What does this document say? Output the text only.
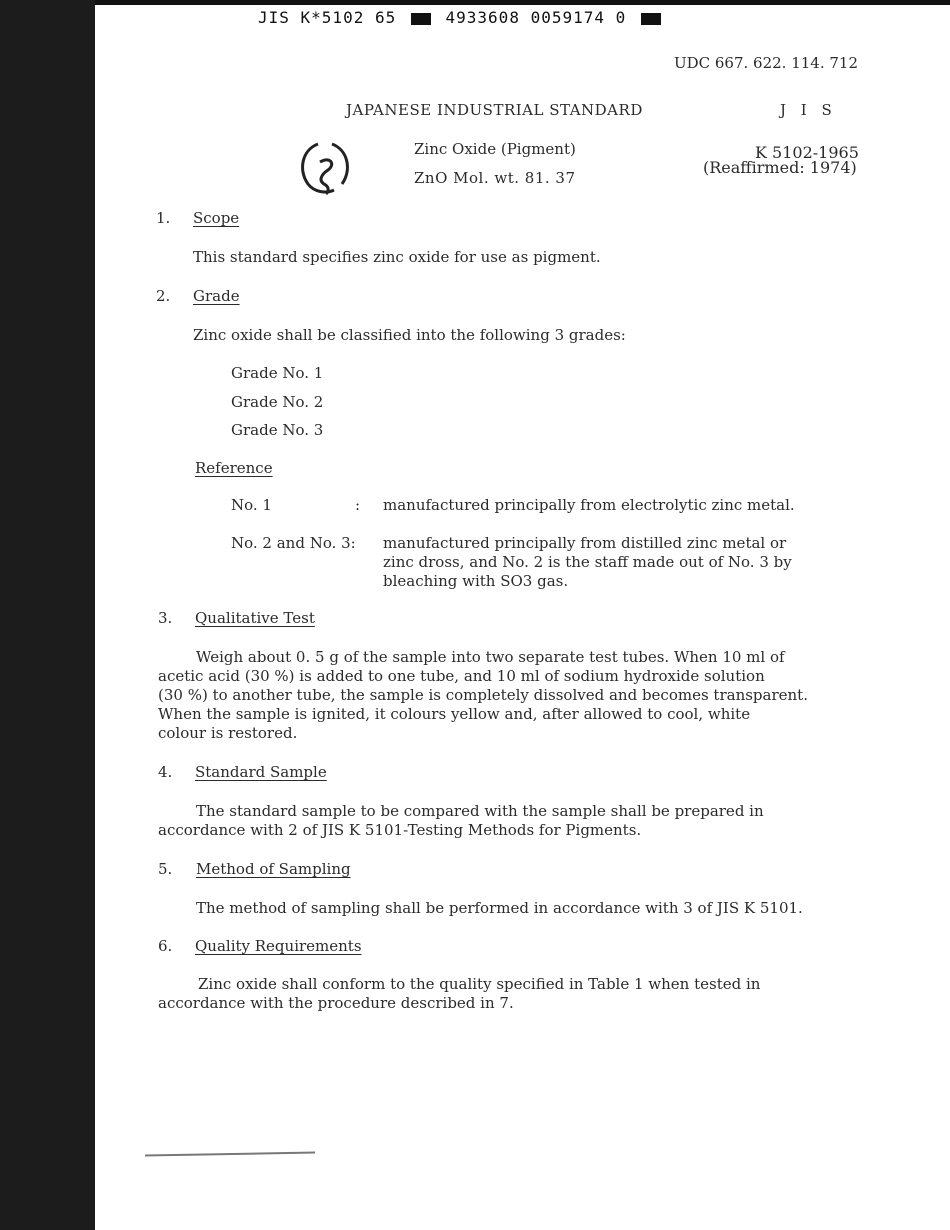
JIS K*5102 65	4933608 0059174 0
UDC 667. 622. 114. 712
JAPANESE INDUSTRIAL STANDARD	J I S
Zinc Oxide (Pigment)
ZnO Mol. wt. 81. 37
K 5102-1965
(Reaffirmed: 1974)
1. Scope
This standard specifies zinc oxide for use as pigment.
2. Grade
Zinc oxide shall be classified into the following 3 grades:
Grade No. 1
Grade No. 2
Grade No. 3
Reference
No. 1	: manufactured principally from electrolytic zinc metal.
No. 2 and No. 3: manufactured principally from distilled zinc metal or
zinc dross, and No. 2 is the staff made out of No. 3 by
bleaching with SO3 gas.
3. Qualitative Test
Weigh about 0. 5 g of the sample into two separate test tubes. When 10 ml of
acetic acid (30 %) is added to one tube, and 10 ml of sodium hydroxide solution
(30 %) to another tube, the sample is completely dissolved and becomes transparent.
When the sample is ignited, it colours yellow and, after allowed to cool, white
colour is restored.
4. Standard Sample
The standard sample to be compared with the sample shall be prepared in
accordance with 2 of JIS K 5101-Testing Methods for Pigments.
5. Method of Sampling
The method of sampling shall be performed in accordance with 3 of JIS K 5101.
6. Quality Requirements
Zinc oxide shall conform to the quality specified in Table 1 when tested in
accordance with the procedure described in 7.
